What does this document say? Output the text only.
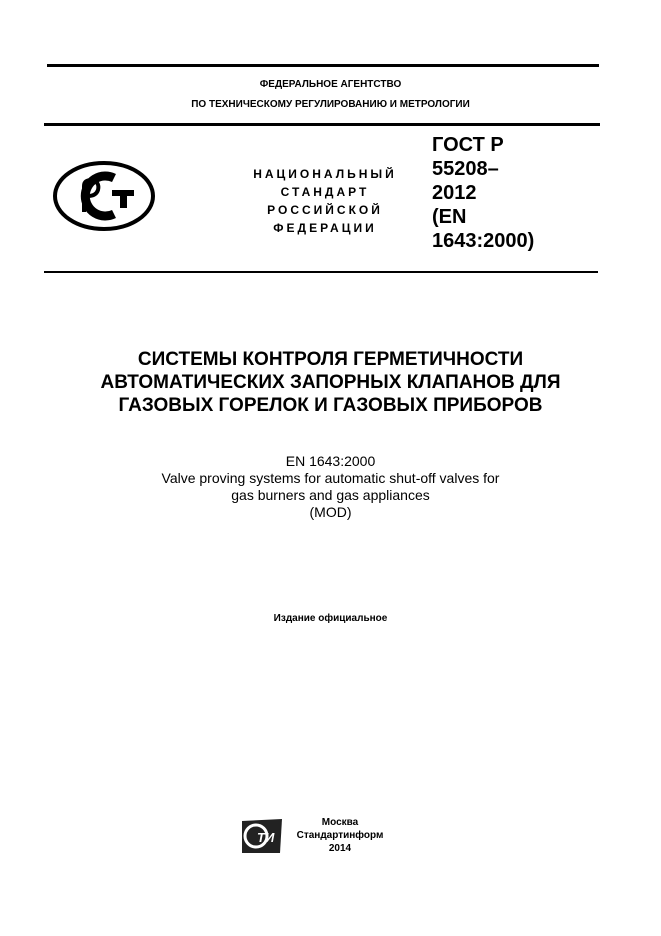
ФЕДЕРАЛЬНОЕ АГЕНТСТВО
ПО ТЕХНИЧЕСКОМУ РЕГУЛИРОВАНИЮ И МЕТРОЛОГИИ
НАЦИОНАЛЬНЫЙ
СТАНДАРТ
РОССИЙСКОЙ
ФЕДЕРАЦИИ
ГОСТ Р
55208–
2012
(EN
1643:2000)
СИСТЕМЫ КОНТРОЛЯ ГЕРМЕТИЧНОСТИ
АВТОМАТИЧЕСКИХ ЗАПОРНЫХ КЛАПАНОВ ДЛЯ
ГАЗОВЫХ ГОРЕЛОК И ГАЗОВЫХ ПРИБОРОВ
EN 1643:2000
Valve proving systems for automatic shut-off valves for
gas burners and gas appliances
(MOD)
Издание официальное
ТИ
Москва
Стандартинформ
2014
